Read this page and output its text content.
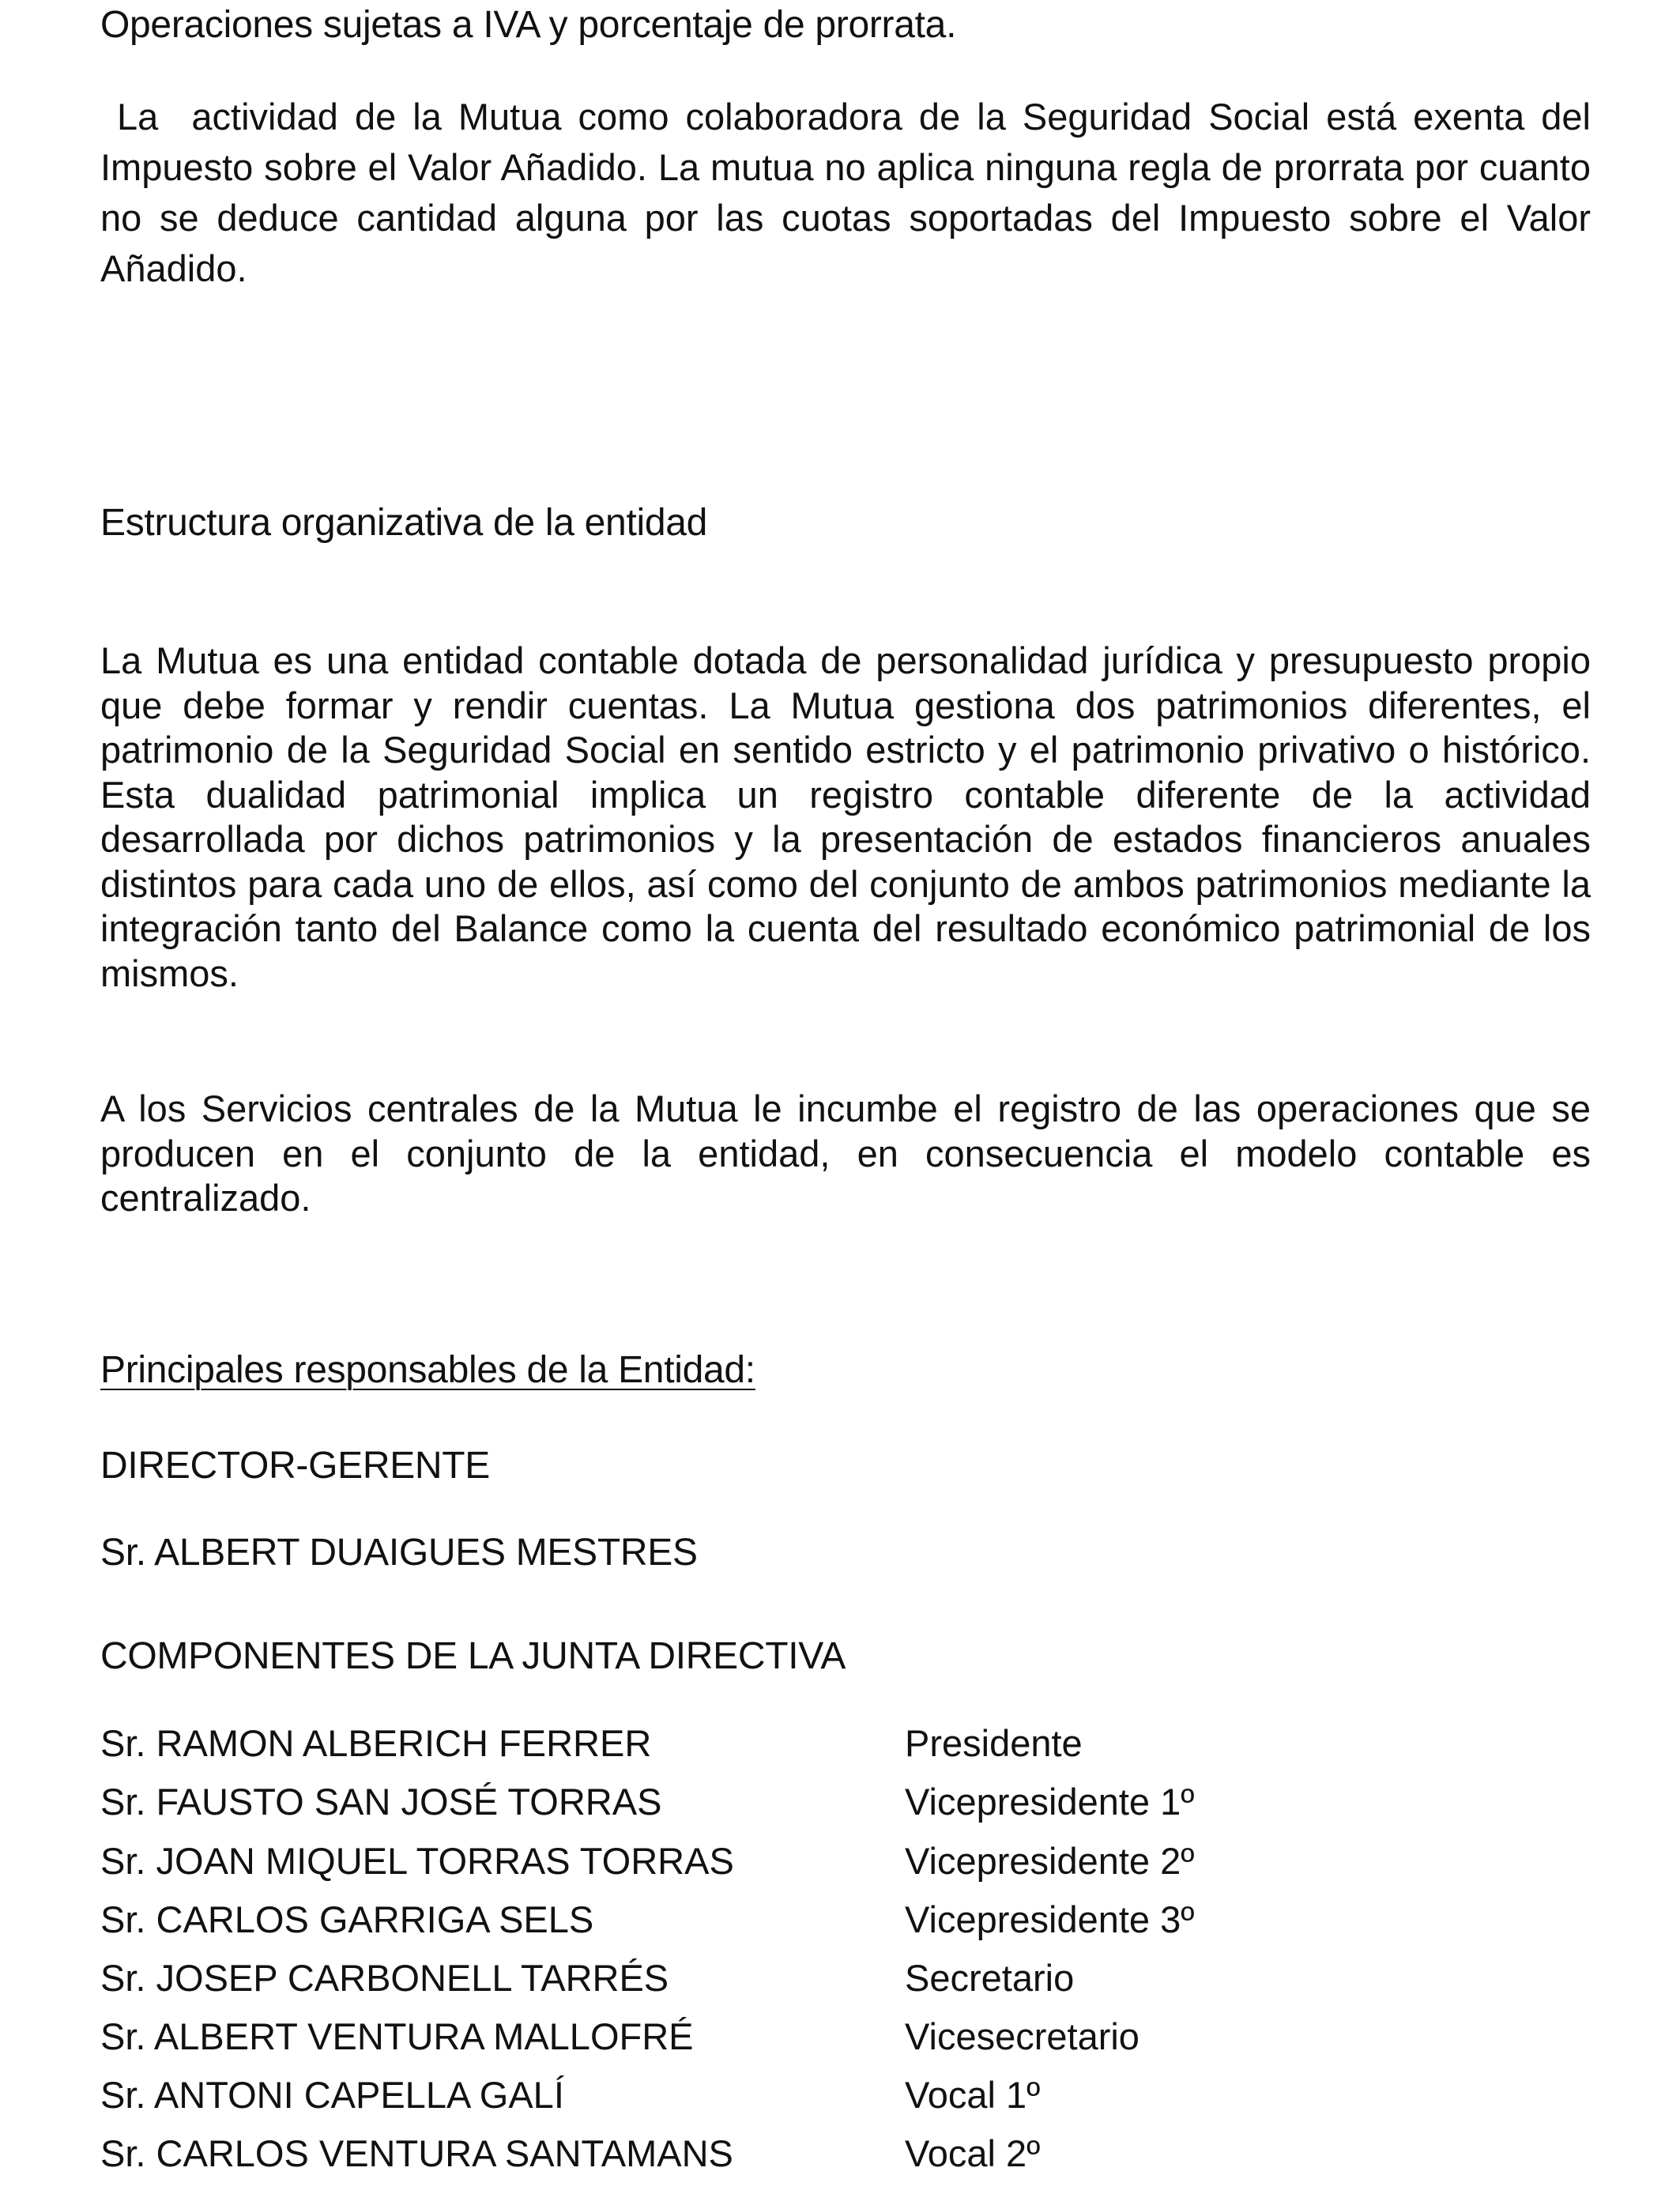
Operaciones sujetas a IVA y porcentaje de prorrata.

La  actividad de la Mutua como colaboradora de la Seguridad Social está exenta del Impuesto sobre el Valor Añadido. La mutua no aplica ninguna regla de prorrata por cuanto no se deduce cantidad alguna por las cuotas soportadas del Impuesto sobre el Valor Añadido.

Estructura organizativa de la entidad

La Mutua es una entidad contable dotada de personalidad jurídica y presupuesto propio que debe formar y rendir cuentas. La Mutua gestiona dos patrimonios diferentes, el patrimonio de la Seguridad Social en sentido estricto y el patrimonio privativo o histórico. Esta dualidad patrimonial implica un registro contable diferente de la actividad desarrollada por dichos patrimonios y la presentación de estados financieros anuales distintos para cada uno de ellos, así como del conjunto de ambos patrimonios mediante la integración tanto del Balance como la cuenta del resultado económico patrimonial de los mismos.

A los Servicios centrales de la Mutua le incumbe el registro de las operaciones que se producen en el conjunto de la entidad, en consecuencia el modelo contable es centralizado.

Principales responsables de la Entidad:
DIRECTOR-GERENTE
Sr. ALBERT DUAIGUES MESTRES
COMPONENTES DE LA JUNTA DIRECTIVA
Sr. RAMON ALBERICH FERRER	Presidente
Sr. FAUSTO SAN JOSÉ TORRAS	Vicepresidente 1º
Sr. JOAN MIQUEL TORRAS TORRAS	Vicepresidente 2º
Sr. CARLOS GARRIGA SELS	Vicepresidente 3º
Sr. JOSEP CARBONELL TARRÉS	Secretario
Sr. ALBERT VENTURA MALLOFRÉ	Vicesecretario
Sr. ANTONI CAPELLA GALÍ	Vocal 1º
Sr. CARLOS VENTURA SANTAMANS	Vocal 2º
